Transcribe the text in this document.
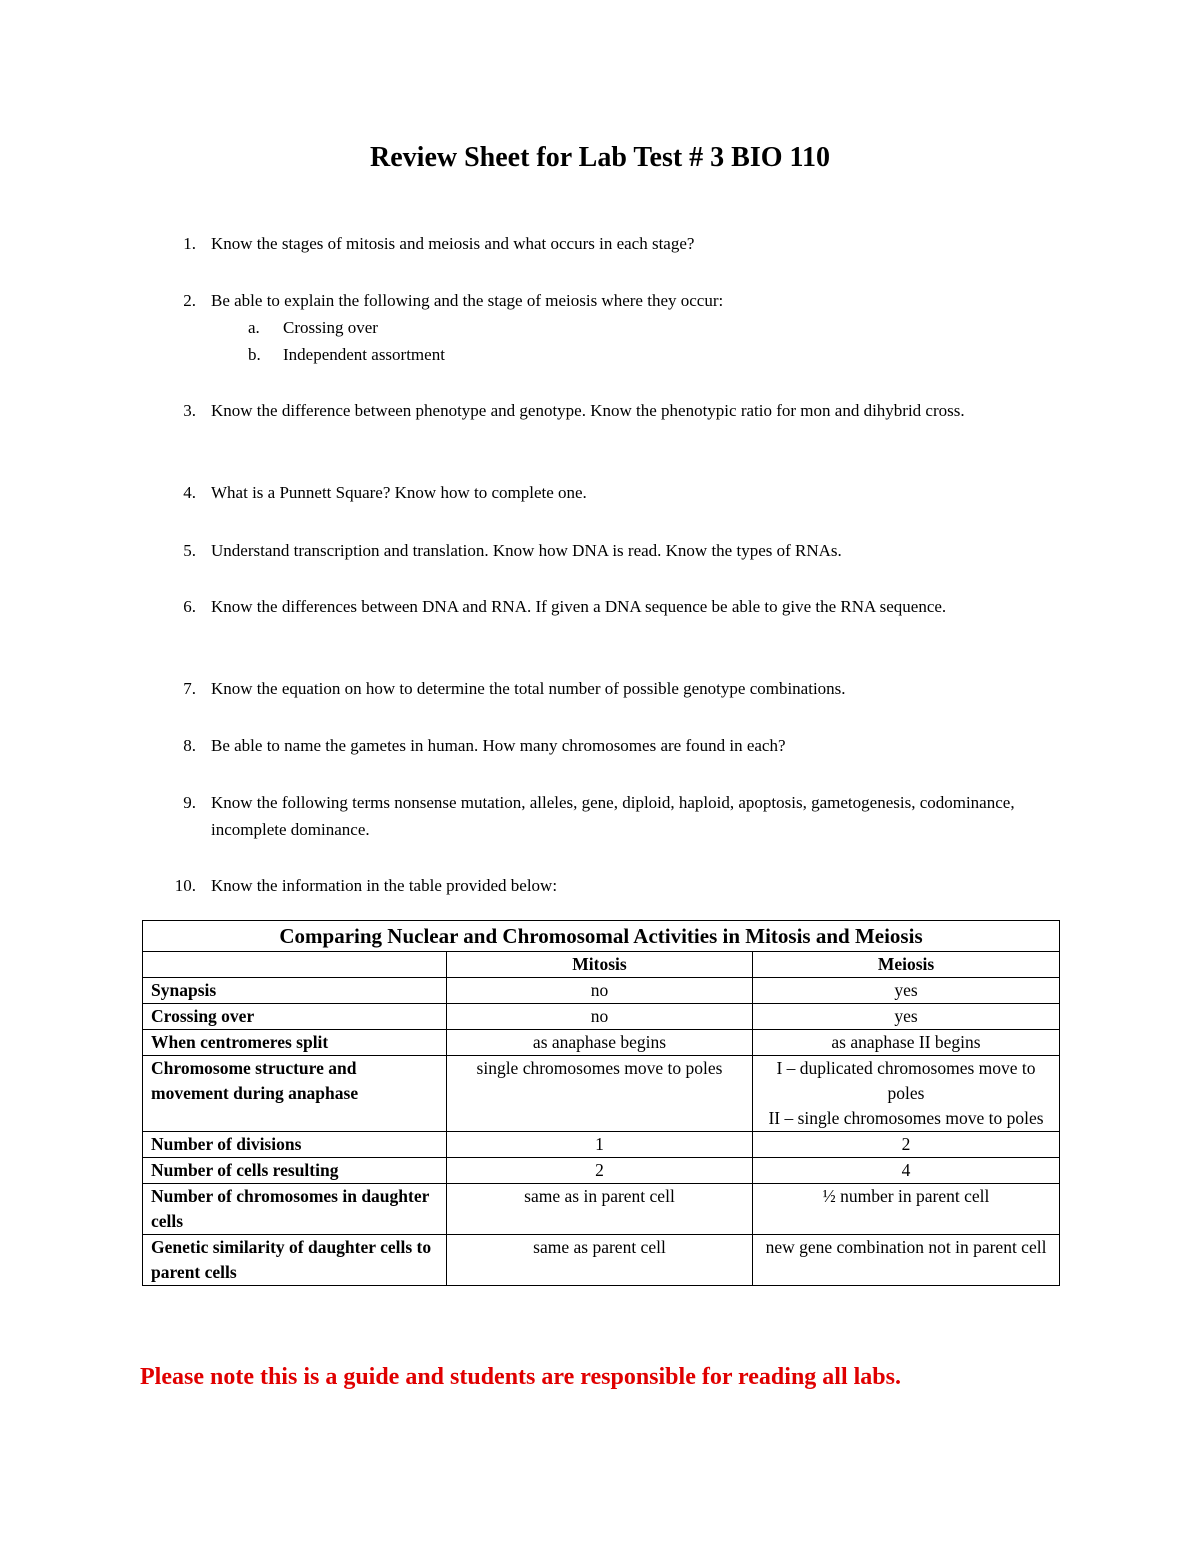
Review Sheet for Lab Test # 3 BIO 110
1. Know the stages of mitosis and meiosis and what occurs in each stage?
2. Be able to explain the following and the stage of meiosis where they occur:
a. Crossing over
b. Independent assortment
3. Know the difference between phenotype and genotype. Know the phenotypic ratio for mon and dihybrid cross.
4. What is a Punnett Square? Know how to complete one.
5. Understand transcription and translation. Know how DNA is read. Know the types of RNAs.
6. Know the differences between DNA and RNA. If given a DNA sequence be able to give the RNA sequence.
7. Know the equation on how to determine the total number of possible genotype combinations.
8. Be able to name the gametes in human. How many chromosomes are found in each?
9. Know the following terms nonsense mutation, alleles, gene, diploid, haploid, apoptosis, gametogenesis, codominance, incomplete dominance.
10. Know the information in the table provided below:
Comparing Nuclear and Chromosomal Activities in Mitosis and Meiosis		
	Mitosis	Meiosis
Synapsis	no	yes
Crossing over	no	yes
When centromeres split	as anaphase begins	as anaphase II begins
Chromosome structure and movement during anaphase	single chromosomes move to poles	I – duplicated chromosomes move to poles
II – single chromosomes move to poles

Number of divisions	1	2
Number of cells resulting	2	4
Number of chromosomes in daughter cells	same as in parent cell	½ number in parent cell
Genetic similarity of daughter cells to parent cells	same as parent cell	new gene combination not in parent cell

Please note this is a guide and students are responsible for reading all labs.
